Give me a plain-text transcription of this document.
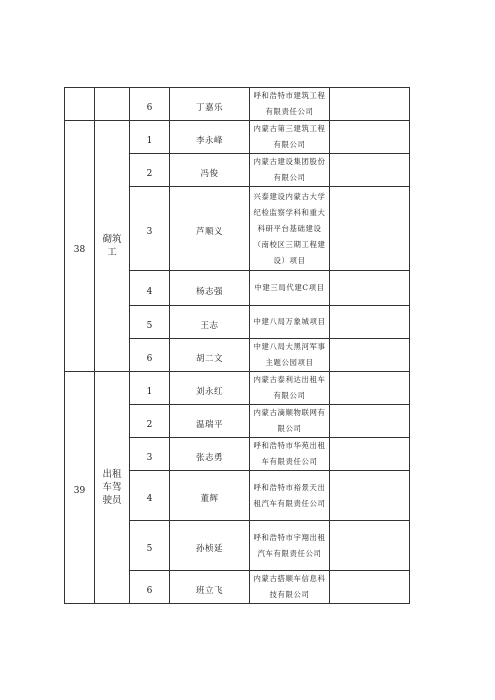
		6	丁嘉乐	呼和浩特市建筑工程有限责任公司	

38	砌筑工	1	李永峰	内蒙古第三建筑工程有限公司	

		2	冯俊	内蒙古建设集团股份有限公司	

		3	芦顺义	兴泰建设内蒙古大学纪检监察学科和重大科研平台基础建设（南校区三期工程建设）项目	

		4	杨志强	中建三局代建C项目	

		5	王志	中建八局万象城项目	

		6	胡二文	中建八局大黑河军事主题公园项目	

39	出租车驾驶员	1	刘永红	内蒙古泰利达出租车有限公司	

		2	温瑞平	内蒙古滴顺物联网有限公司	

		3	张志勇	呼和浩特市华苑出租车有限责任公司	

		4	董辉	呼和浩特市裕景天出租汽车有限责任公司	

		5	孙桢延	呼和浩特市宇翔出租汽车有限责任公司	

		6	班立飞	内蒙古搭顺车信息科技有限公司	
